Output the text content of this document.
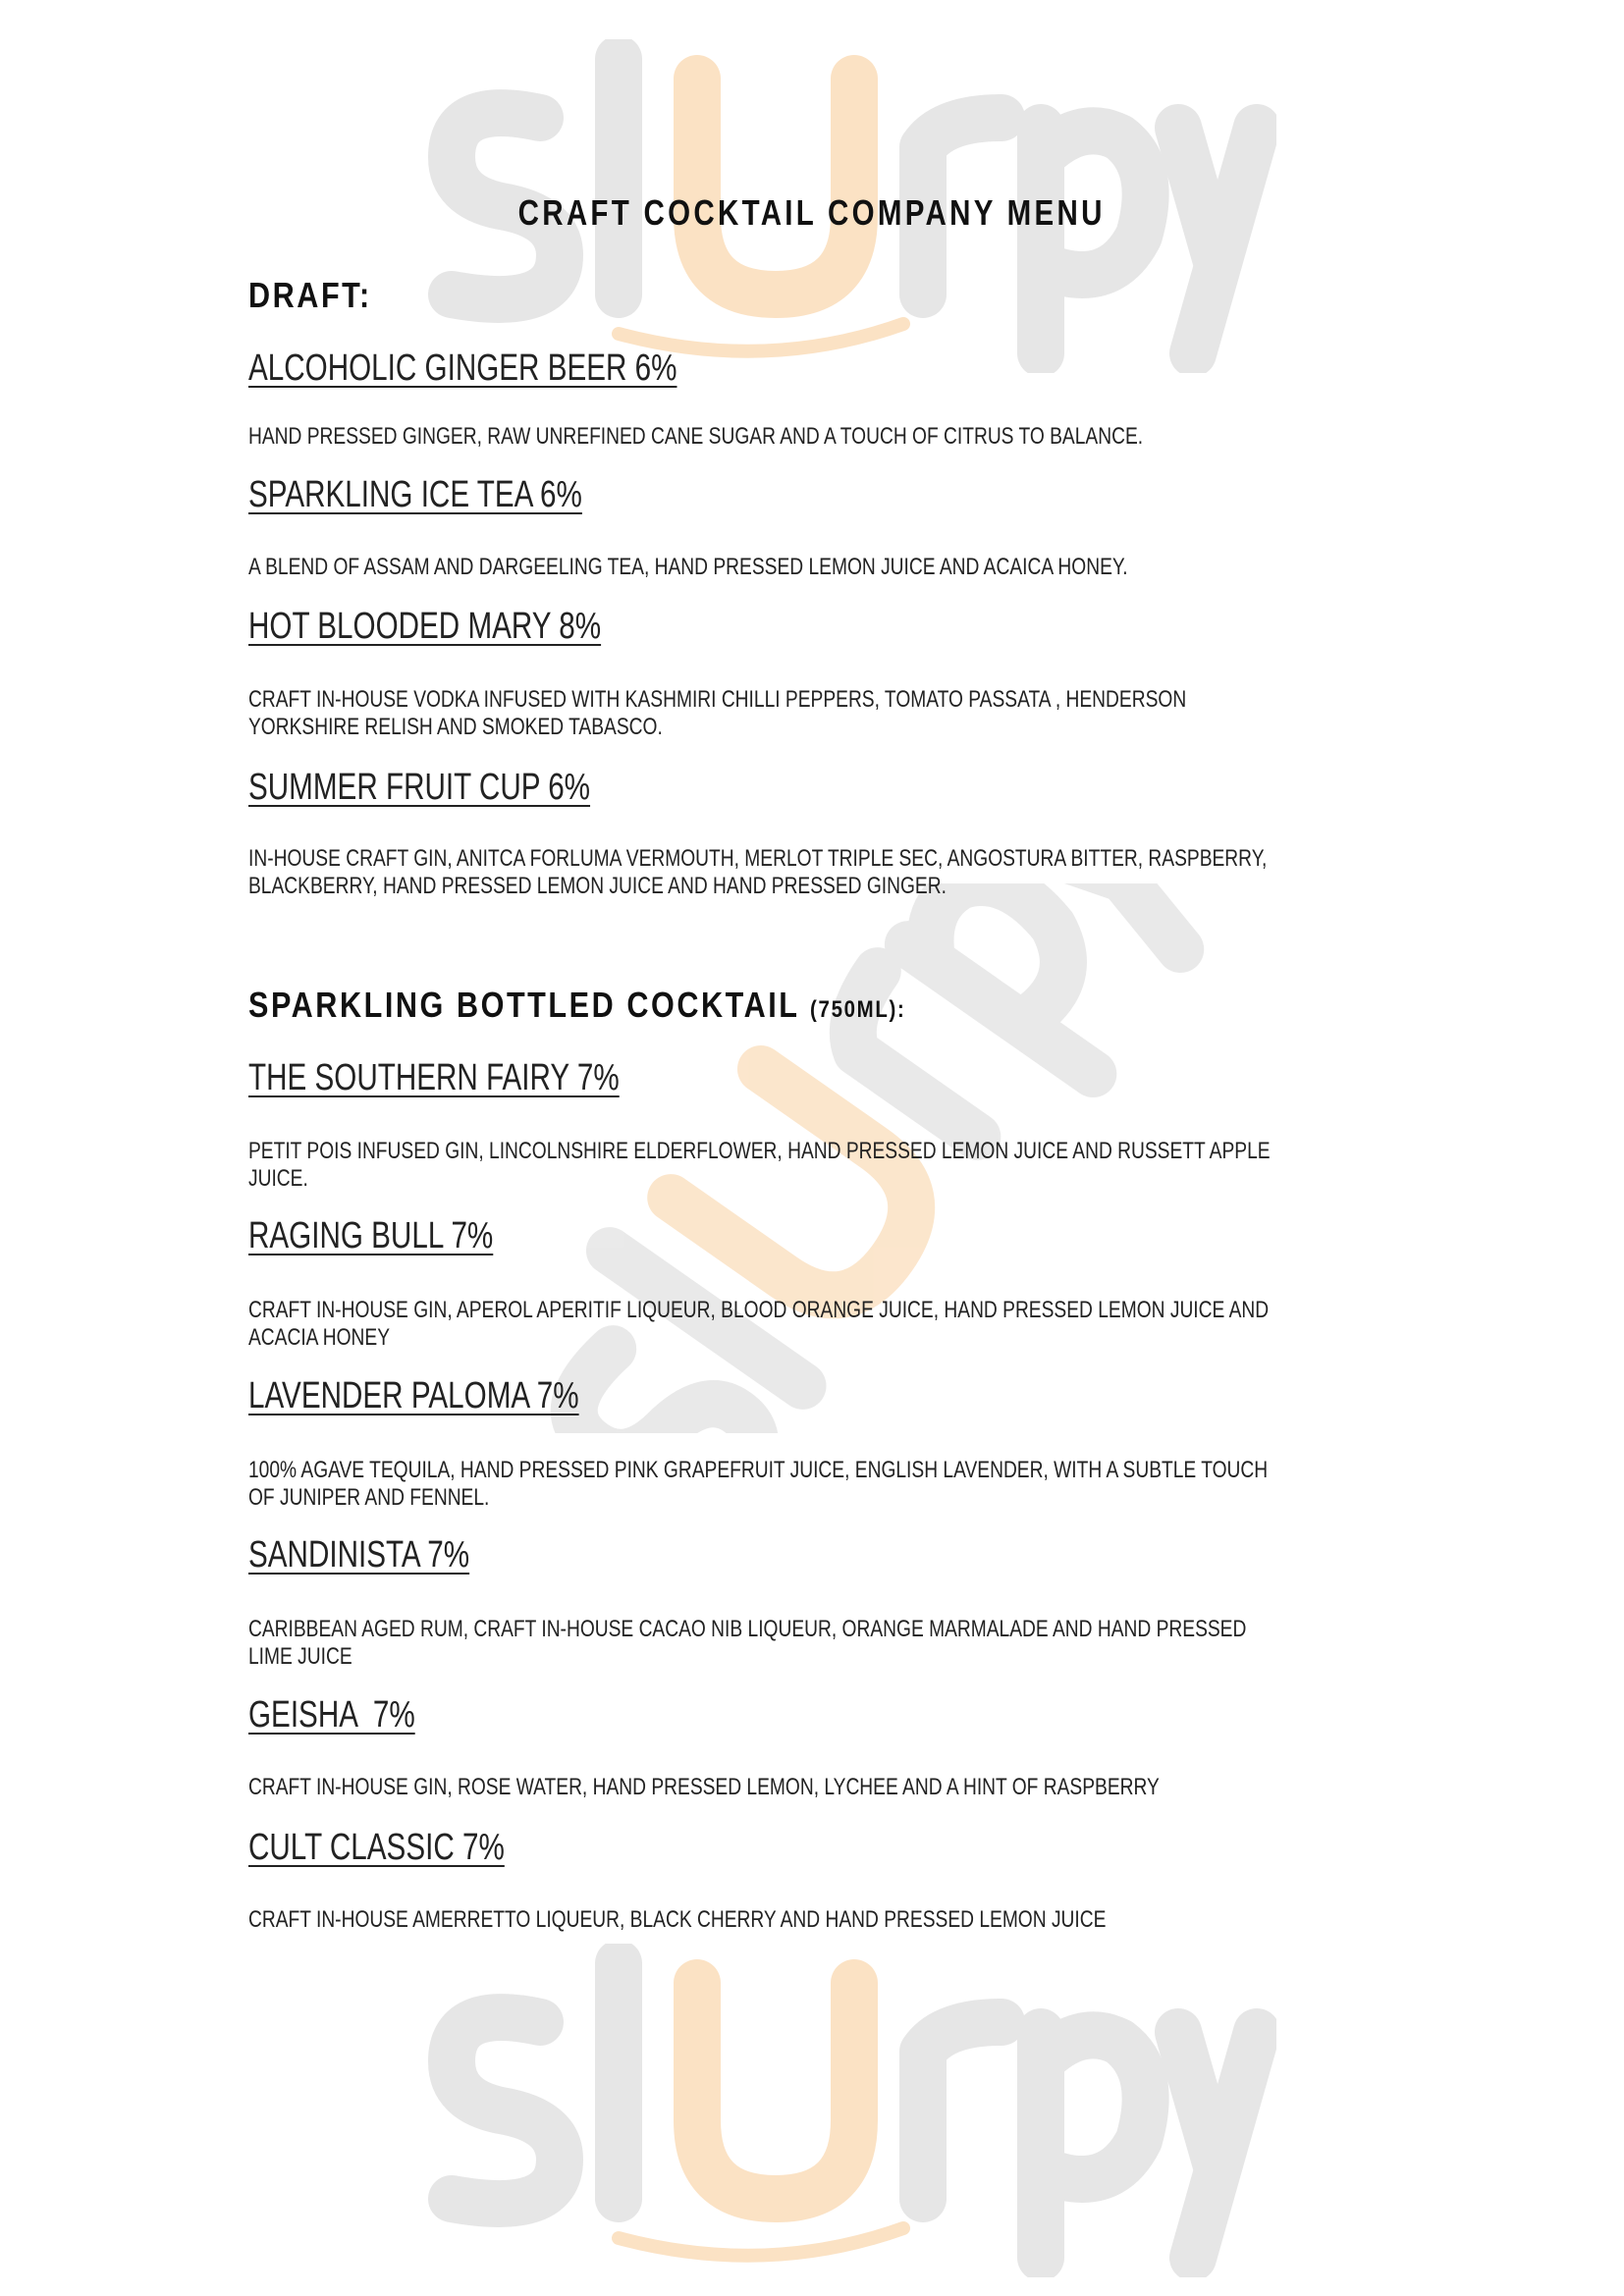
CRAFT COCKTAIL COMPANY MENU
DRAFT:
ALCOHOLIC GINGER BEER 6%
HAND PRESSED GINGER, RAW UNREFINED CANE SUGAR AND A TOUCH OF CITRUS TO BALANCE.
SPARKLING ICE TEA 6%
A BLEND OF ASSAM AND DARGEELING TEA, HAND PRESSED LEMON JUICE AND ACAICA HONEY.
HOT BLOODED MARY 8%
CRAFT IN-HOUSE VODKA INFUSED WITH KASHMIRI CHILLI PEPPERS, TOMATO PASSATA , HENDERSON
YORKSHIRE RELISH AND SMOKED TABASCO.
SUMMER FRUIT CUP 6%
IN-HOUSE CRAFT GIN, ANITCA FORLUMA VERMOUTH, MERLOT TRIPLE SEC, ANGOSTURA BITTER, RASPBERRY,
BLACKBERRY, HAND PRESSED LEMON JUICE AND HAND PRESSED GINGER.
SPARKLING BOTTLED COCKTAIL (750ML):
THE SOUTHERN FAIRY 7%
PETIT POIS INFUSED GIN, LINCOLNSHIRE ELDERFLOWER, HAND PRESSED LEMON JUICE AND RUSSETT APPLE
JUICE.
RAGING BULL 7%
CRAFT IN-HOUSE GIN, APEROL APERITIF LIQUEUR, BLOOD ORANGE JUICE, HAND PRESSED LEMON JUICE AND
ACACIA HONEY
LAVENDER PALOMA 7%
100% AGAVE TEQUILA, HAND PRESSED PINK GRAPEFRUIT JUICE, ENGLISH LAVENDER, WITH A SUBTLE TOUCH
OF JUNIPER AND FENNEL.
SANDINISTA 7%
CARIBBEAN AGED RUM, CRAFT IN-HOUSE CACAO NIB LIQUEUR, ORANGE MARMALADE AND HAND PRESSED
LIME JUICE
GEISHA  7%
CRAFT IN-HOUSE GIN, ROSE WATER, HAND PRESSED LEMON, LYCHEE AND A HINT OF RASPBERRY
CULT CLASSIC 7%
CRAFT IN-HOUSE AMERRETTO LIQUEUR, BLACK CHERRY AND HAND PRESSED LEMON JUICE
